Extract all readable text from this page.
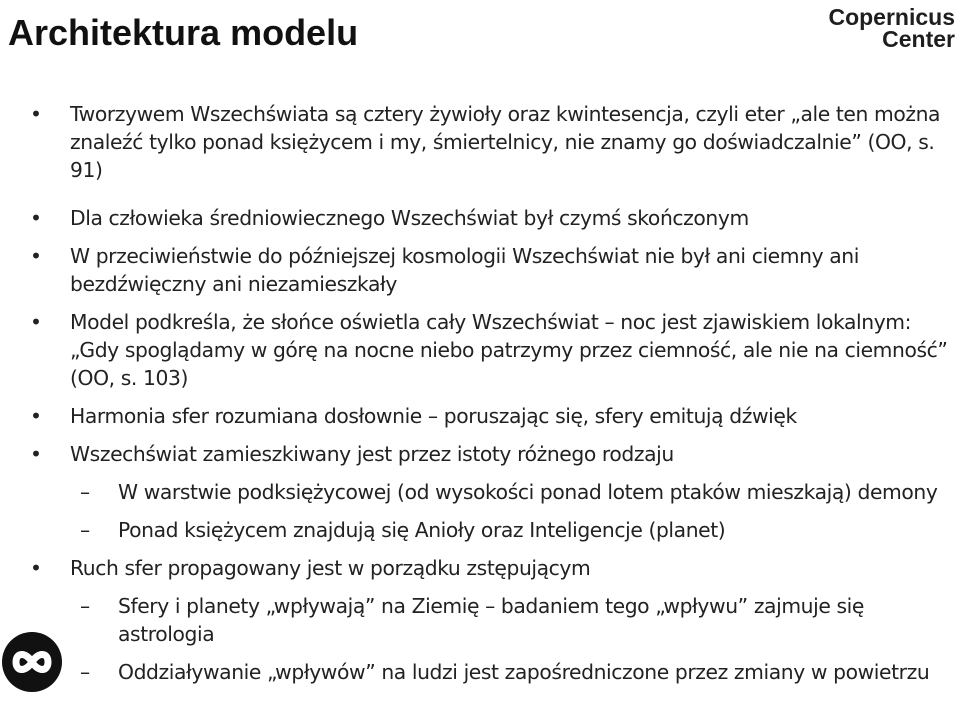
Architektura modelu	Copernicus
Center
• Tworzywem Wszechświata są cztery żywioły oraz kwintesencja, czyli eter „ale ten można znaleźć tylko ponad księżycem i my, śmiertelnicy, nie znamy go doświadczalnie” (OO, s. 91)
• Dla człowieka średniowiecznego Wszechświat był czymś skończonym
• W przeciwieństwie do późniejszej kosmologii Wszechświat nie był ani ciemny ani bezdźwięczny ani niezamieszkały
• Model podkreśla, że słońce oświetla cały Wszechświat – noc jest zjawiskiem lokalnym: „Gdy spoglądamy w górę na nocne niebo patrzymy przez ciemność, ale nie na ciemność” (OO, s. 103)
• Harmonia sfer rozumiana dosłownie – poruszając się, sfery emitują dźwięk
• Wszechświat zamieszkiwany jest przez istoty różnego rodzaju
– W warstwie podksiężycowej (od wysokości ponad lotem ptaków mieszkają) demony
– Ponad księżycem znajdują się Anioły oraz Inteligencje (planet)
• Ruch sfer propagowany jest w porządku zstępującym
– Sfery i planety „wpływają” na Ziemię – badaniem tego „wpływu” zajmuje się astrologia
– Oddziaływanie „wpływów” na ludzi jest zapośredniczone przez zmiany w powietrzu
